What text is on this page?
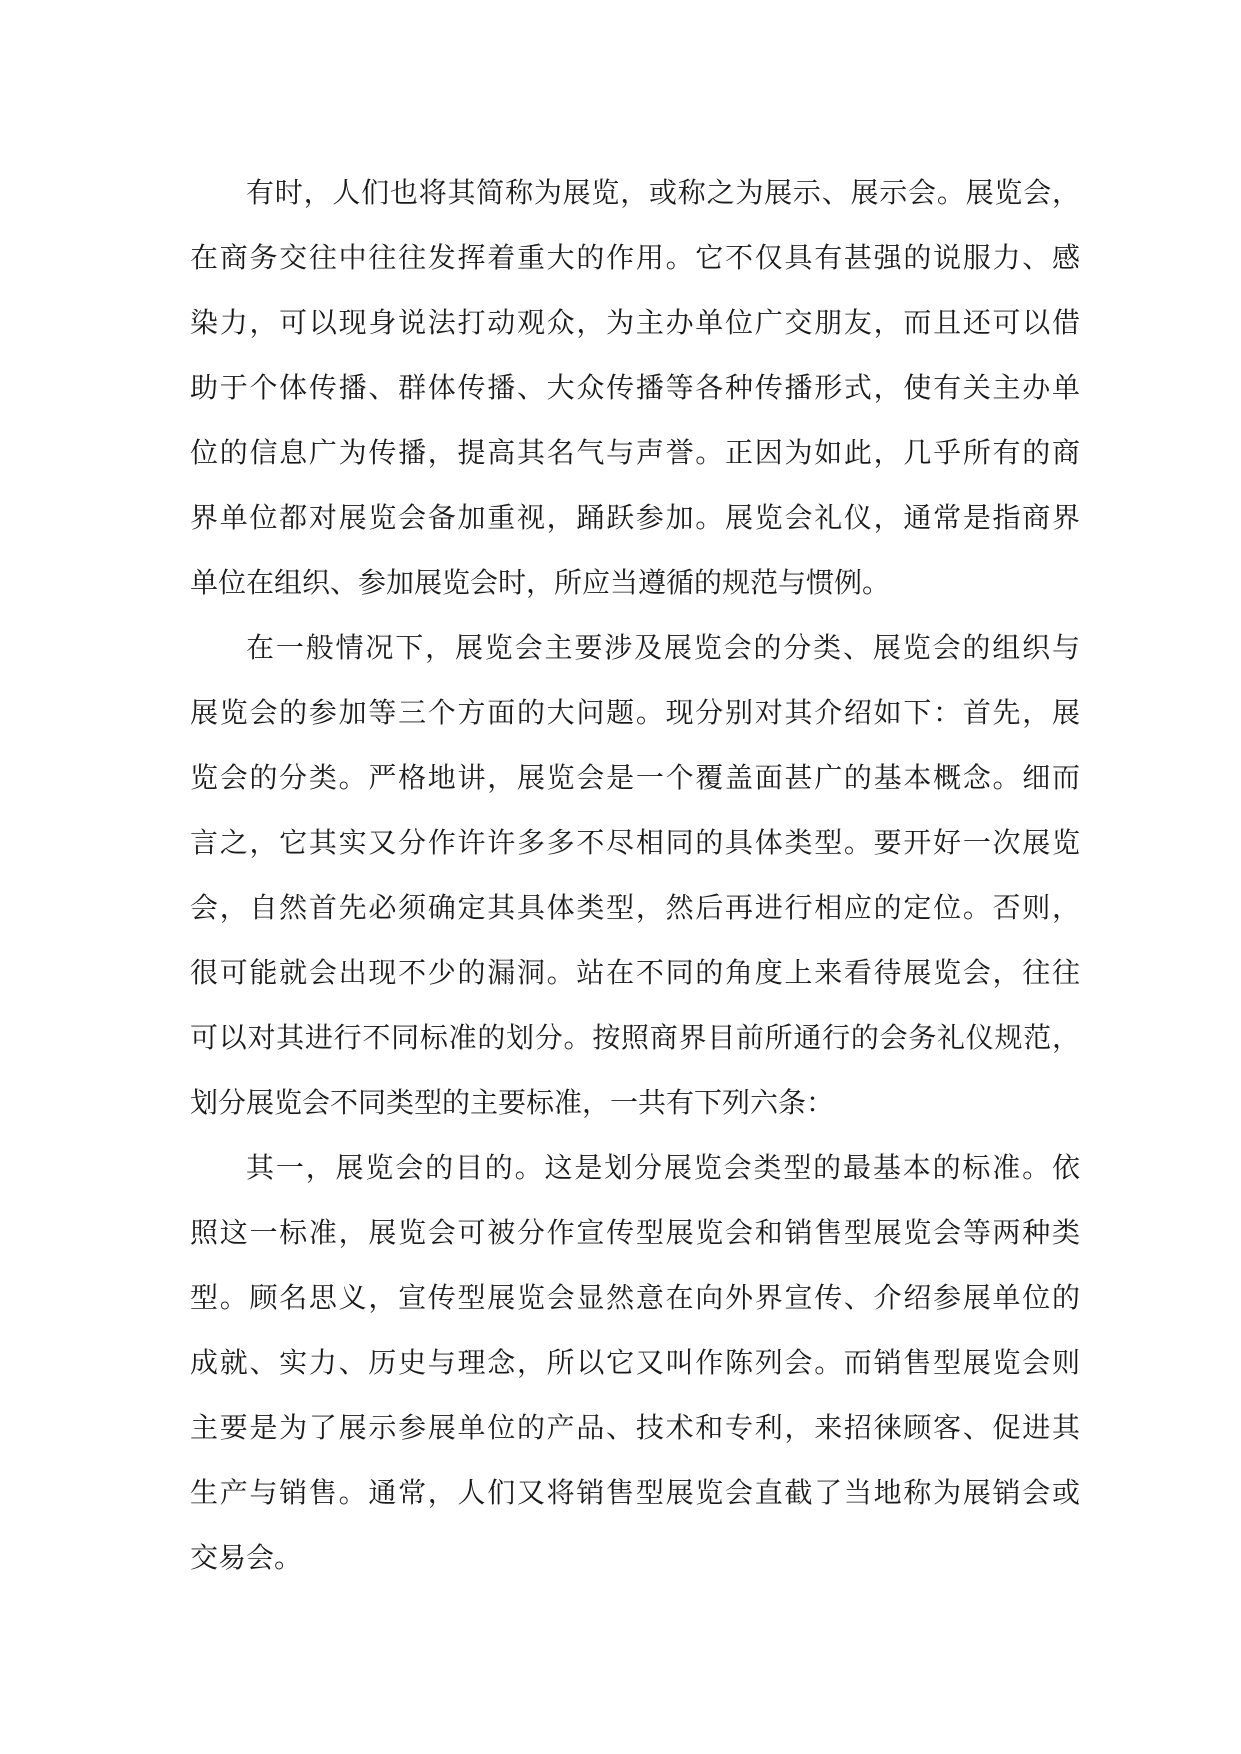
有时，人们也将其简称为展览，或称之为展示、展示会。展览会，
在商务交往中往往发挥着重大的作用。它不仅具有甚强的说服力、感
染力，可以现身说法打动观众，为主办单位广交朋友，而且还可以借
助于个体传播、群体传播、大众传播等各种传播形式，使有关主办单
位的信息广为传播，提高其名气与声誉。正因为如此，几乎所有的商
界单位都对展览会备加重视，踊跃参加。展览会礼仪，通常是指商界
单位在组织、参加展览会时，所应当遵循的规范与惯例。

在一般情况下，展览会主要涉及展览会的分类、展览会的组织与
展览会的参加等三个方面的大问题。现分别对其介绍如下：首先，展
览会的分类。严格地讲，展览会是一个覆盖面甚广的基本概念。细而
言之，它其实又分作许许多多不尽相同的具体类型。要开好一次展览
会，自然首先必须确定其具体类型，然后再进行相应的定位。否则，
很可能就会出现不少的漏洞。站在不同的角度上来看待展览会，往往
可以对其进行不同标准的划分。按照商界目前所通行的会务礼仪规范，
划分展览会不同类型的主要标准，一共有下列六条：

其一，展览会的目的。这是划分展览会类型的最基本的标准。依
照这一标准，展览会可被分作宣传型展览会和销售型展览会等两种类
型。顾名思义，宣传型展览会显然意在向外界宣传、介绍参展单位的
成就、实力、历史与理念，所以它又叫作陈列会。而销售型展览会则
主要是为了展示参展单位的产品、技术和专利，来招徕顾客、促进其
生产与销售。通常，人们又将销售型展览会直截了当地称为展销会或
交易会。
